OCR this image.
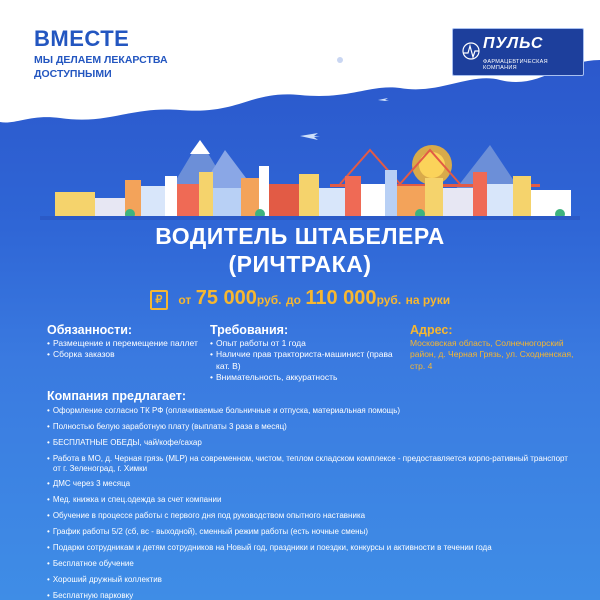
ВМЕСТЕ
МЫ ДЕЛАЕМ ЛЕКАРСТВА ДОСТУПНЫМИ
ПУЛЬС
ФАРМАЦЕВТИЧЕСКАЯ КОМПАНИЯ
ВОДИТЕЛЬ ШТАБЕЛЕРА
(РИЧТРАКА)
₽ от 75 000руб. до 110 000руб. на руки
Обязанности:
• Размещение и перемещение паллет
• Сборка заказов
Требования:
• Опыт работы от 1 года
• Наличие прав тракториста-машинист (права кат. В)
• Внимательность, аккуратность
Адрес:

Московская область, Солнечногорский район, д. Черная Грязь, ул. Сходненская, стр. 4

Компания предлагает:
• Оформление согласно ТК РФ (оплачиваемые больничные и отпуска, материальная помощь)
• Полностью белую заработную плату (выплаты 3 раза в месяц)
• БЕСПЛАТНЫЕ ОБЕДЫ, чай/кофе/сахар
• Работа в МО, д. Черная грязь (MLP) на современном, чистом, теплом складском комплексе - предоставляется корпо-ративный транспорт от г. Зеленоград, г. Химки
• ДМС через 3 месяца
• Мед. книжка и спец.одежда за счет компании
• Обучение в процессе работы с первого дня под руководством опытного наставника
• График работы 5/2 (сб, вс - выходной), сменный режим работы (есть ночные смены)
• Подарки сотрудникам и детям сотрудников на Новый год, праздники и поездки, конкурсы и активности в течении года
• Бесплатное обучение
• Хороший дружный коллектив
• Бесплатную парковку
